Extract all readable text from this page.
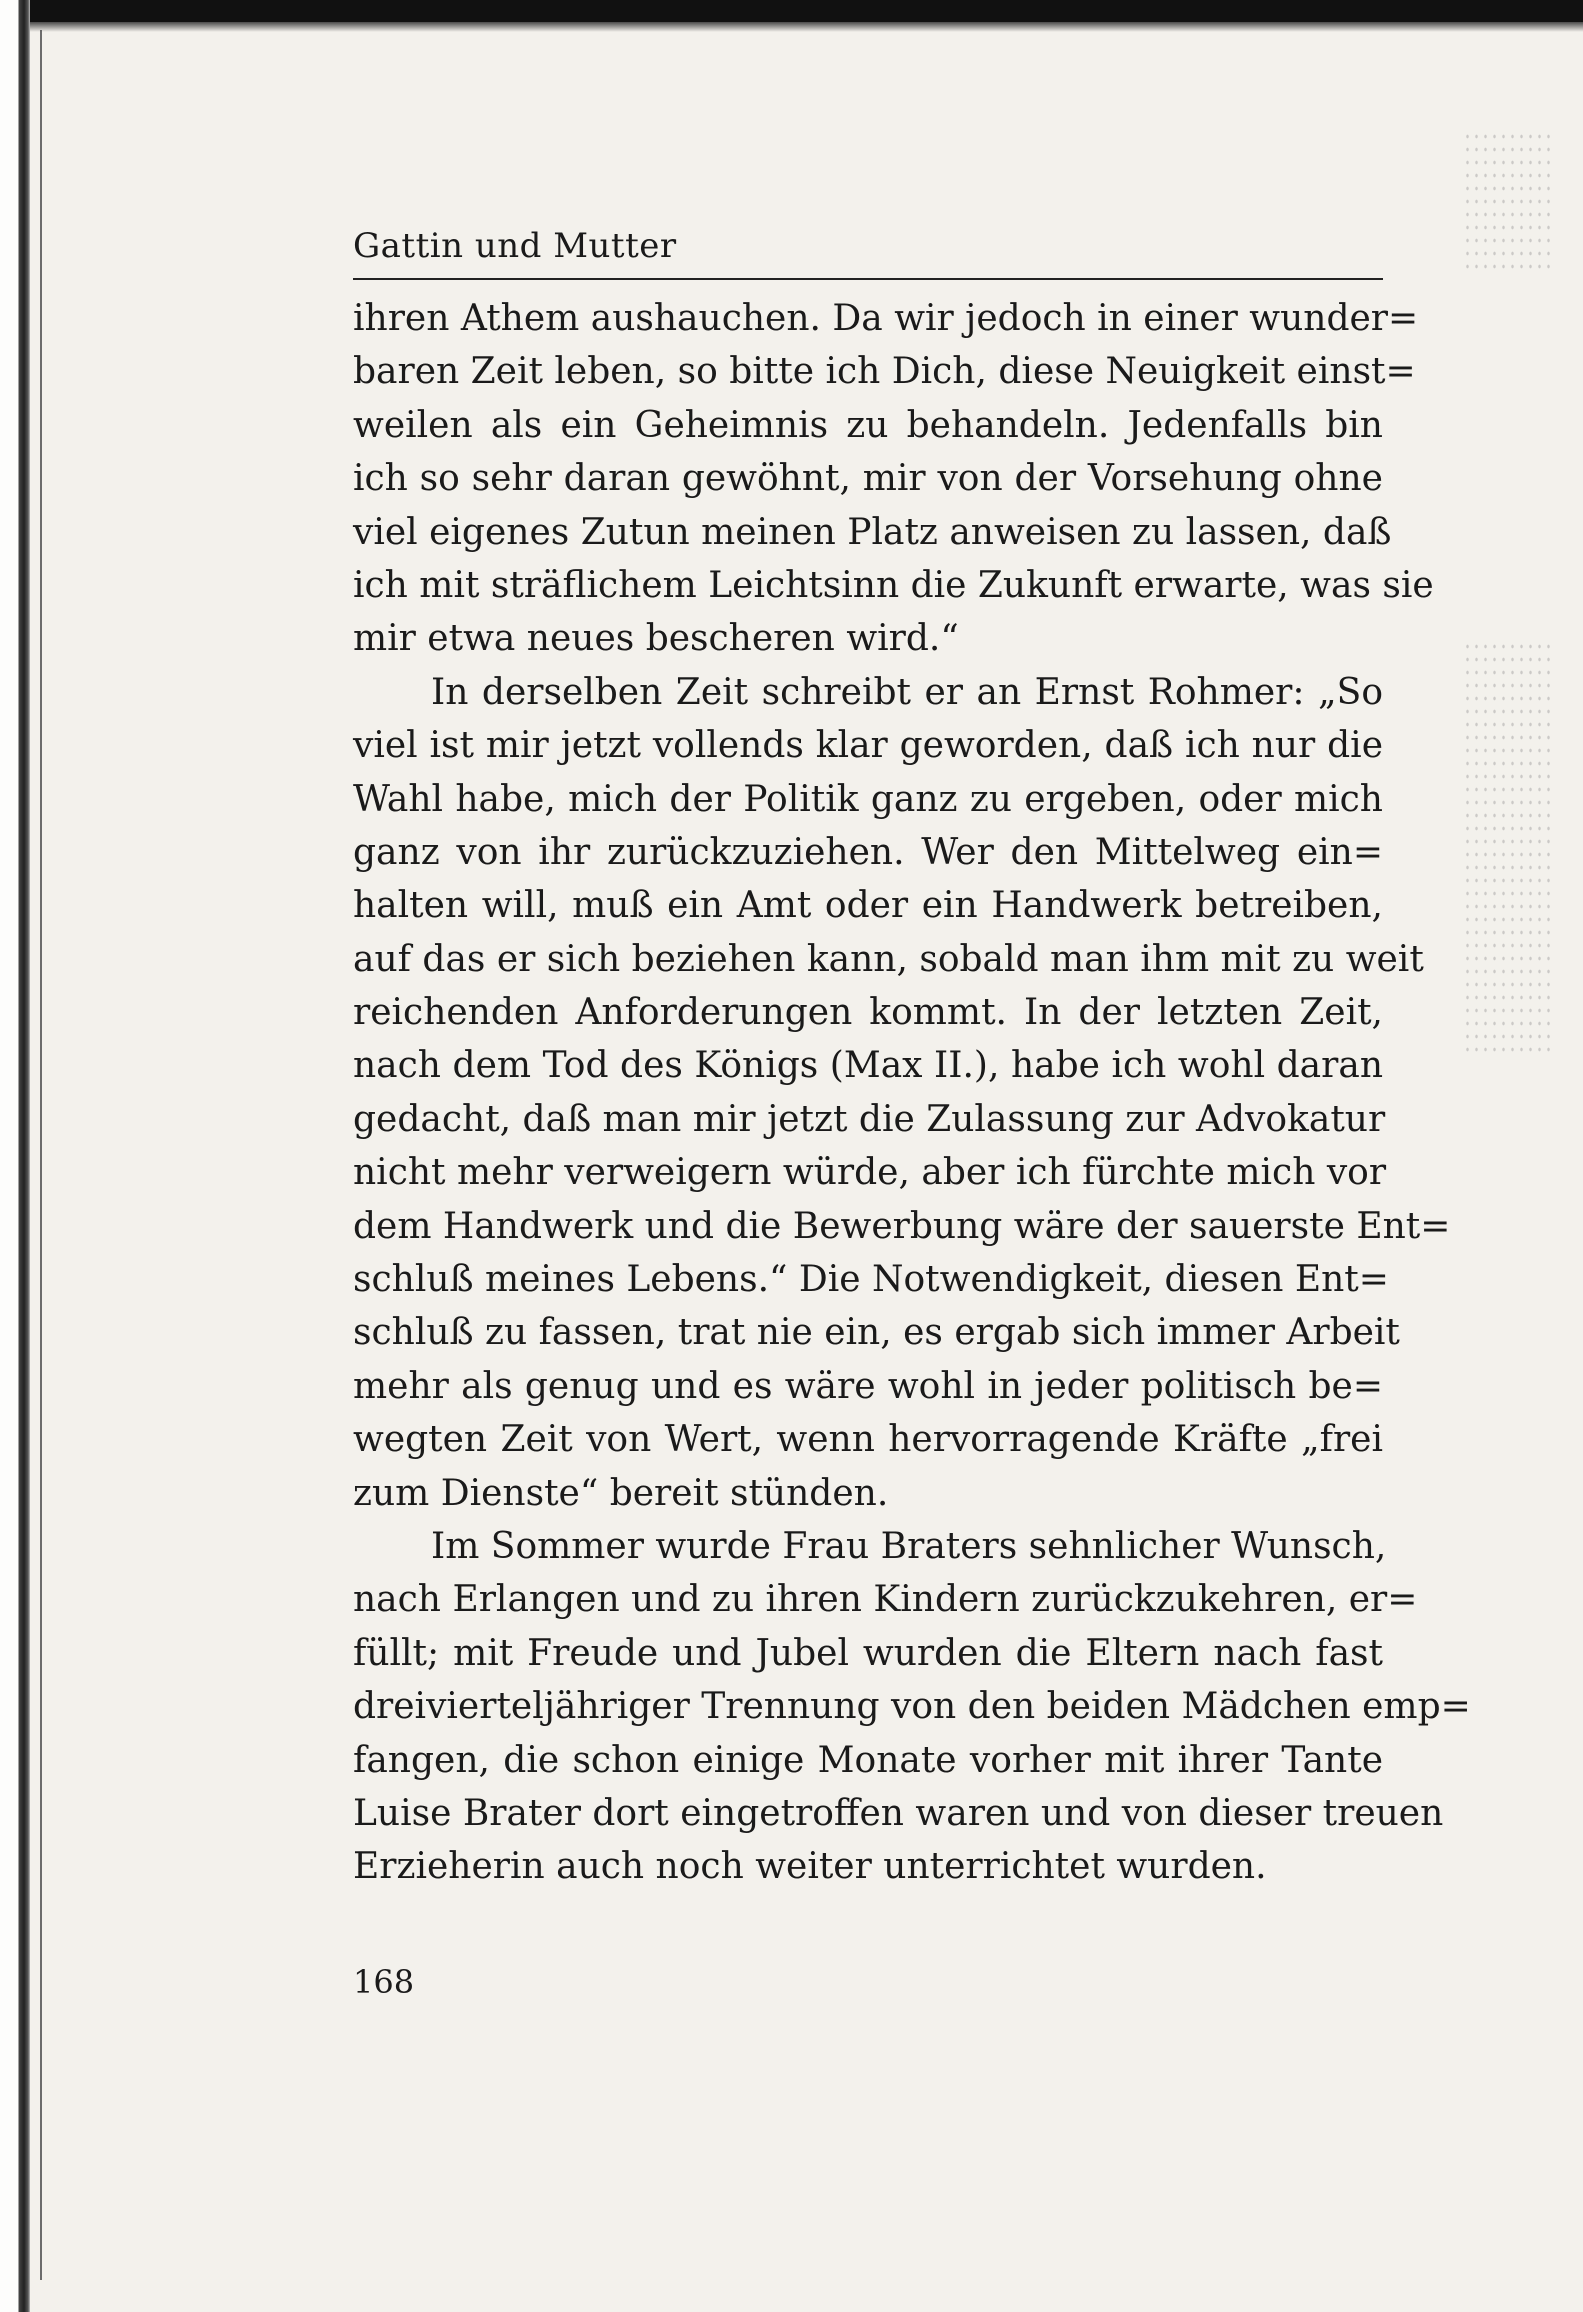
Gattin und Mutter
ihren Athem aushauchen. Da wir jedoch in einer wunder=
baren Zeit leben, so bitte ich Dich, diese Neuigkeit einst=
weilen als ein Geheimnis zu behandeln. Jedenfalls bin
ich so sehr daran gewöhnt, mir von der Vorsehung ohne
viel eigenes Zutun meinen Platz anweisen zu lassen, daß
ich mit sträflichem Leichtsinn die Zukunft erwarte, was sie
mir etwa neues bescheren wird.“
In derselben Zeit schreibt er an Ernst Rohmer: „So
viel ist mir jetzt vollends klar geworden, daß ich nur die
Wahl habe, mich der Politik ganz zu ergeben, oder mich
ganz von ihr zurückzuziehen. Wer den Mittelweg ein=
halten will, muß ein Amt oder ein Handwerk betreiben,
auf das er sich beziehen kann, sobald man ihm mit zu weit
reichenden Anforderungen kommt. In der letzten Zeit,
nach dem Tod des Königs (Max II.), habe ich wohl daran
gedacht, daß man mir jetzt die Zulassung zur Advokatur
nicht mehr verweigern würde, aber ich fürchte mich vor
dem Handwerk und die Bewerbung wäre der sauerste Ent=
schluß meines Lebens.“ Die Notwendigkeit, diesen Ent=
schluß zu fassen, trat nie ein, es ergab sich immer Arbeit
mehr als genug und es wäre wohl in jeder politisch be=
wegten Zeit von Wert, wenn hervorragende Kräfte „frei
zum Dienste“ bereit stünden.
Im Sommer wurde Frau Braters sehnlicher Wunsch,
nach Erlangen und zu ihren Kindern zurückzukehren, er=
füllt; mit Freude und Jubel wurden die Eltern nach fast
dreivierteljähriger Trennung von den beiden Mädchen emp=
fangen, die schon einige Monate vorher mit ihrer Tante
Luise Brater dort eingetroffen waren und von dieser treuen
Erzieherin auch noch weiter unterrichtet wurden.
168
